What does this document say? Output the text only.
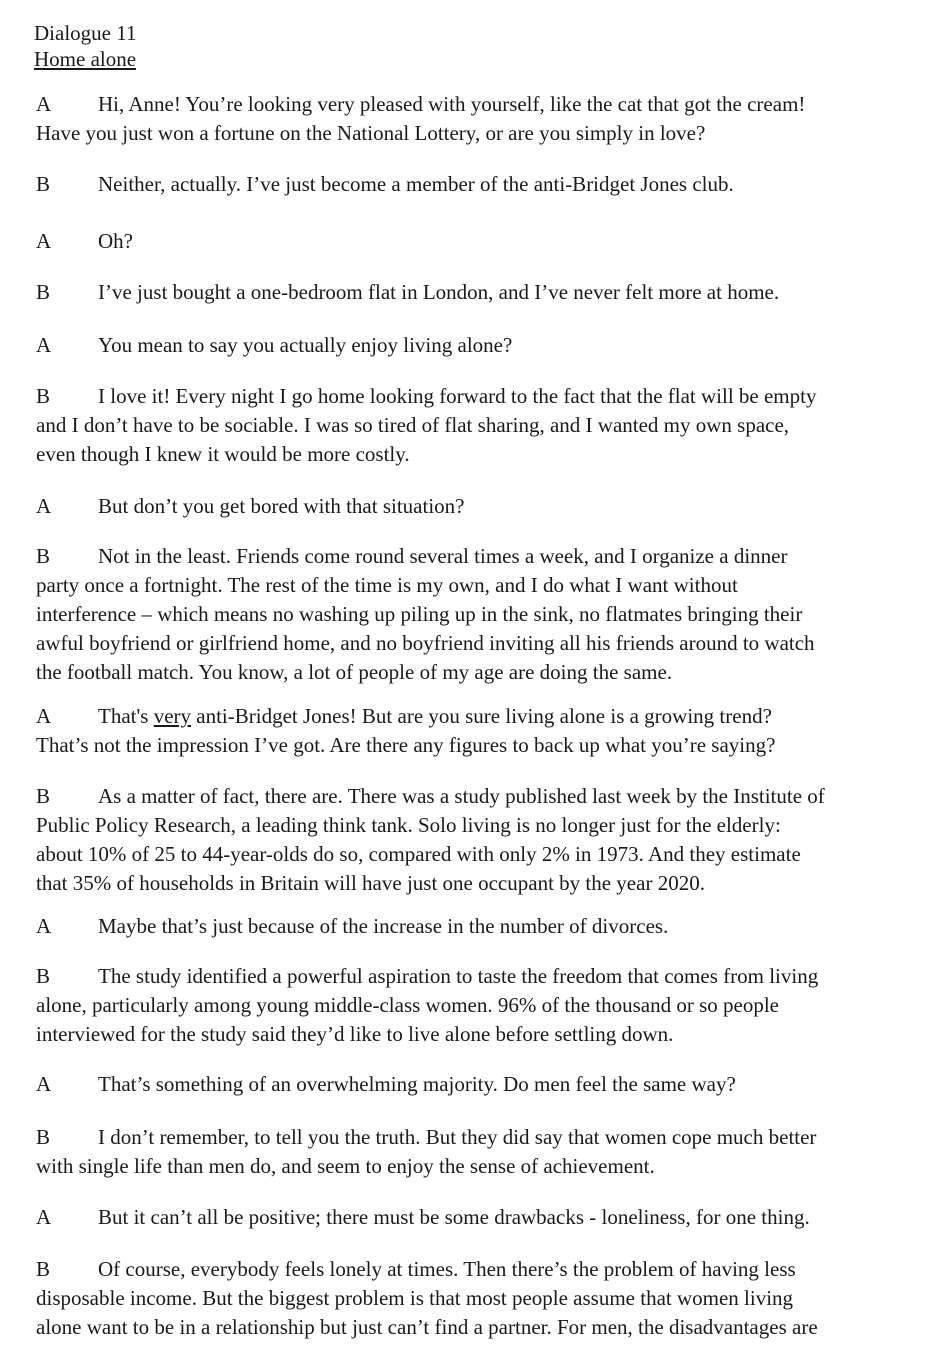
Dialogue 11
Home alone
A Hi, Anne! You’re looking very pleased with yourself, like the cat that got the cream!
Have you just won a fortune on the National Lottery, or are you simply in love?
B Neither, actually. I’ve just become a member of the anti-Bridget Jones club.
A Oh?
B I’ve just bought a one-bedroom flat in London, and I’ve never felt more at home.
A You mean to say you actually enjoy living alone?
B I love it! Every night I go home looking forward to the fact that the flat will be empty
and I don’t have to be sociable. I was so tired of flat sharing, and I wanted my own space,
even though I knew it would be more costly.
A But don’t you get bored with that situation?
B Not in the least. Friends come round several times a week, and I organize a dinner
party once a fortnight. The rest of the time is my own, and I do what I want without
interference – which means no washing up piling up in the sink, no flatmates bringing their
awful boyfriend or girlfriend home, and no boyfriend inviting all his friends around to watch
the football match. You know, a lot of people of my age are doing the same.
A That's very anti-Bridget Jones! But are you sure living alone is a growing trend?
That’s not the impression I’ve got. Are there any figures to back up what you’re saying?
B As a matter of fact, there are. There was a study published last week by the Institute of
Public Policy Research, a leading think tank. Solo living is no longer just for the elderly:
about 10% of 25 to 44-year-olds do so, compared with only 2% in 1973. And they estimate
that 35% of households in Britain will have just one occupant by the year 2020.
A Maybe that’s just because of the increase in the number of divorces.
B The study identified a powerful aspiration to taste the freedom that comes from living
alone, particularly among young middle-class women. 96% of the thousand or so people
interviewed for the study said they’d like to live alone before settling down.
A That’s something of an overwhelming majority. Do men feel the same way?
B I don’t remember, to tell you the truth. But they did say that women cope much better
with single life than men do, and seem to enjoy the sense of achievement.
A But it can’t all be positive; there must be some drawbacks - loneliness, for one thing.
B Of course, everybody feels lonely at times. Then there’s the problem of having less
disposable income. But the biggest problem is that most people assume that women living
alone want to be in a relationship but just can’t find a partner. For men, the disadvantages are
